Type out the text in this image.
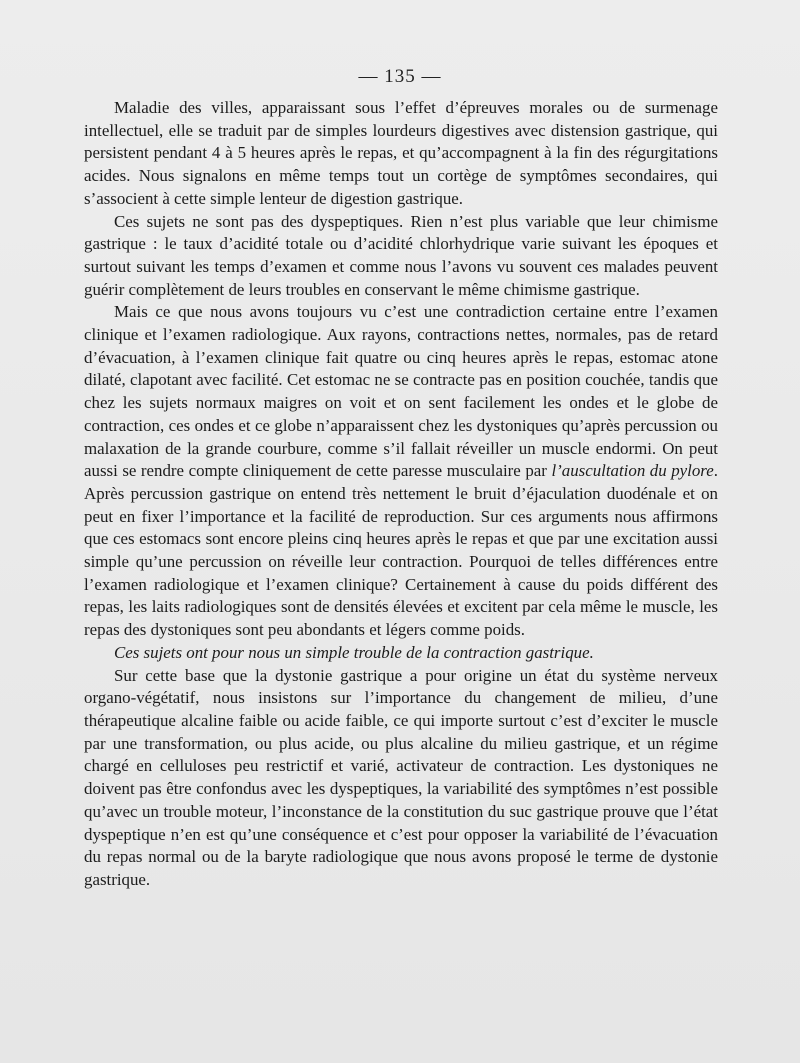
— 135 —

Maladie des villes, apparaissant sous l’effet d’épreuves morales ou de surmenage intellectuel, elle se traduit par de simples lourdeurs digestives avec distension gastrique, qui persistent pendant 4 à 5 heures après le repas, et qu’accompagnent à la fin des régurgitations acides. Nous signalons en même temps tout un cortège de symptômes secondaires, qui s’associent à cette simple lenteur de digestion gastrique.

Ces sujets ne sont pas des dyspeptiques. Rien n’est plus variable que leur chimisme gastrique : le taux d’acidité totale ou d’acidité chlorhydrique varie suivant les époques et surtout suivant les temps d’examen et comme nous l’avons vu souvent ces malades peuvent guérir complètement de leurs troubles en conservant le même chimisme gastrique.

Mais ce que nous avons toujours vu c’est une contradiction certaine entre l’examen clinique et l’examen radiologique. Aux rayons, contractions nettes, normales, pas de retard d’évacuation, à l’examen clinique fait quatre ou cinq heures après le repas, estomac atone dilaté, clapotant avec facilité. Cet estomac ne se contracte pas en position couchée, tandis que chez les sujets normaux maigres on voit et on sent facilement les ondes et le globe de contraction, ces ondes et ce globe n’apparaissent chez les dystoniques qu’après percussion ou malaxation de la grande courbure, comme s’il fallait réveiller un muscle endormi. On peut aussi se rendre compte cliniquement de cette paresse musculaire par l’auscultation du pylore. Après percussion gastrique on entend très nettement le bruit d’éjaculation duodénale et on peut en fixer l’importance et la facilité de reproduction. Sur ces arguments nous affirmons que ces estomacs sont encore pleins cinq heures après le repas et que par une excitation aussi simple qu’une percussion on réveille leur contraction. Pourquoi de telles différences entre l’examen radiologique et l’examen clinique? Certainement à cause du poids différent des repas, les laits radiologiques sont de densités élevées et excitent par cela même le muscle, les repas des dystoniques sont peu abondants et légers comme poids.

Ces sujets ont pour nous un simple trouble de la contraction gastrique.

Sur cette base que la dystonie gastrique a pour origine un état du système nerveux organo-végétatif, nous insistons sur l’importance du changement de milieu, d’une thérapeutique alcaline faible ou acide faible, ce qui importe surtout c’est d’exciter le muscle par une transformation, ou plus acide, ou plus alcaline du milieu gastrique, et un régime chargé en celluloses peu restrictif et varié, activateur de contraction. Les dystoniques ne doivent pas être confondus avec les dyspeptiques, la variabilité des symptômes n’est possible qu’avec un trouble moteur, l’inconstance de la constitution du suc gastrique prouve que l’état dyspeptique n’en est qu’une conséquence et c’est pour opposer la variabilité de l’évacuation du repas normal ou de la baryte radiologique que nous avons proposé le terme de dystonie gastrique.
